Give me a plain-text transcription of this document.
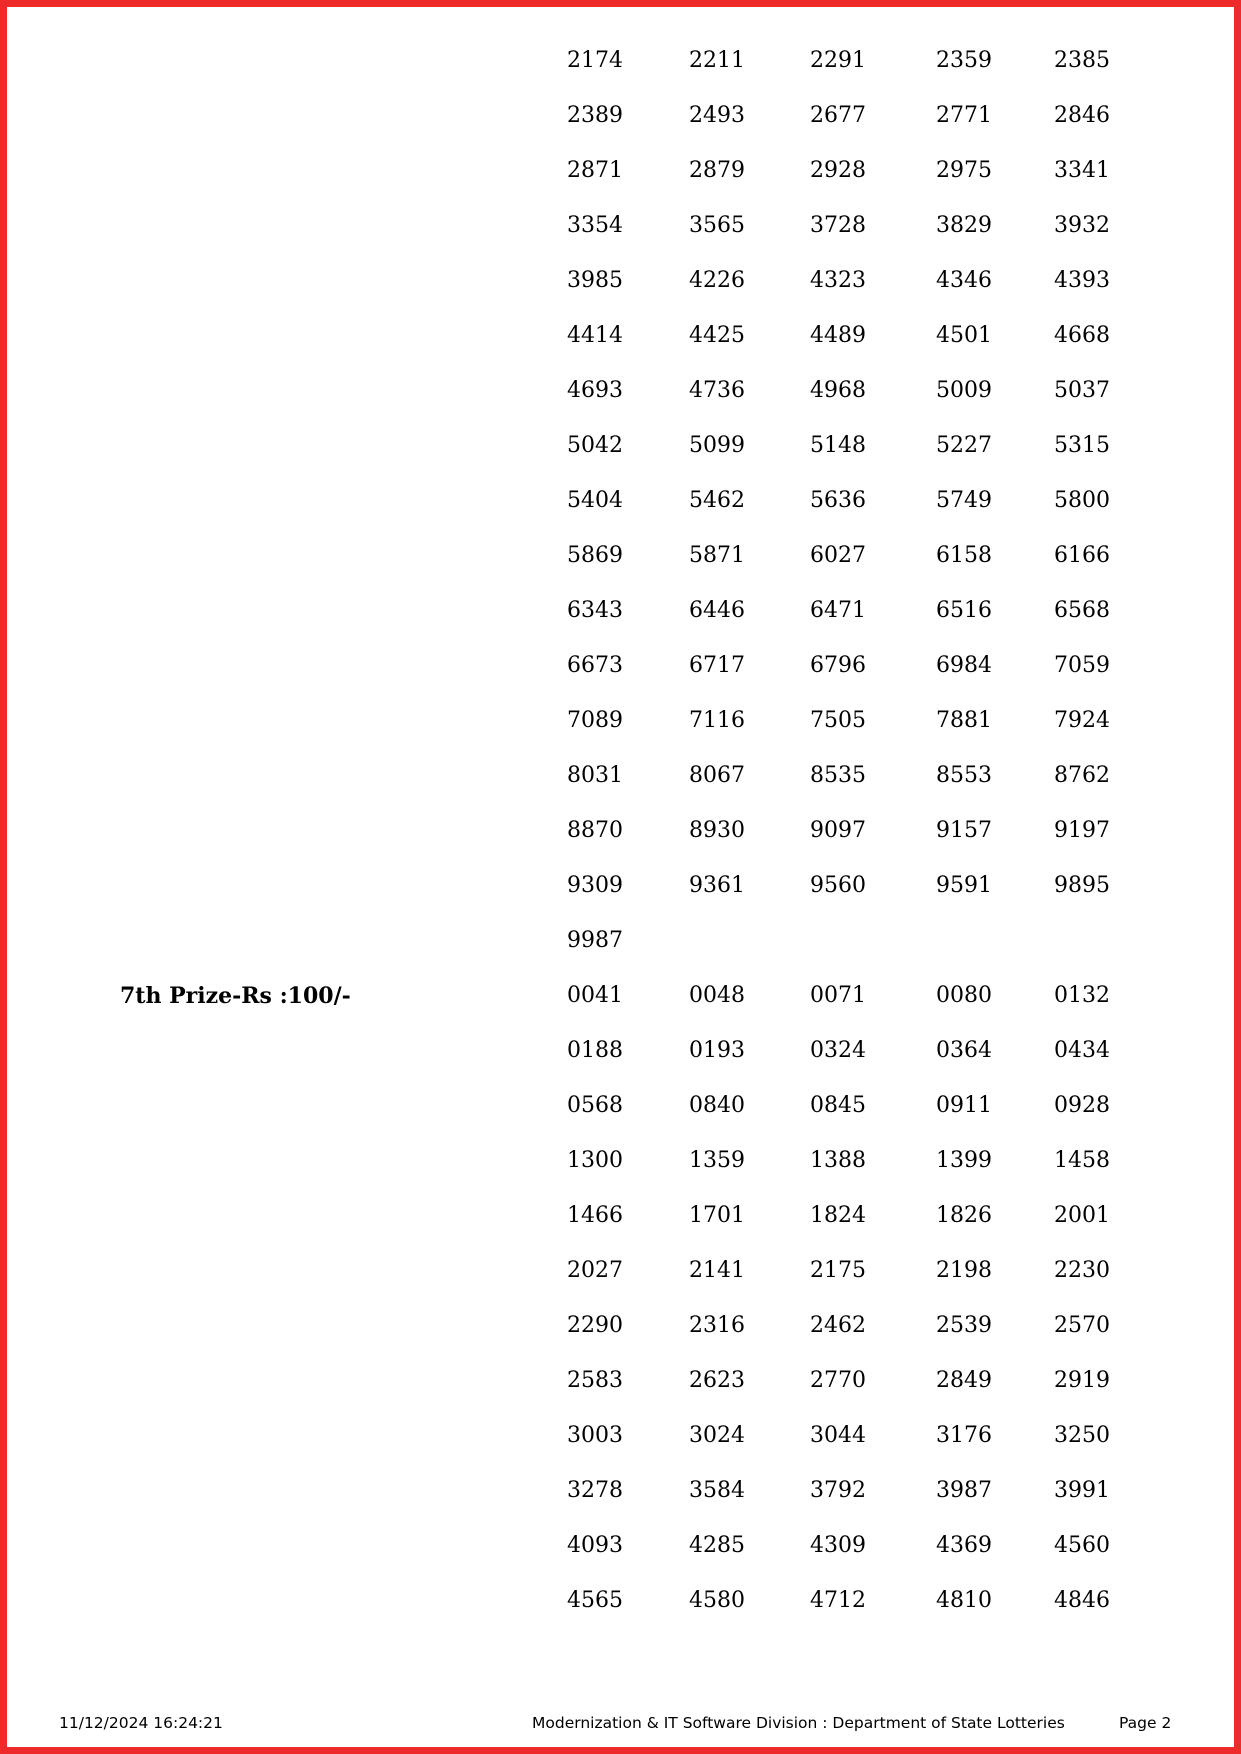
2174	2211	2291	2359	2385
2389	2493	2677	2771	2846
2871	2879	2928	2975	3341
3354	3565	3728	3829	3932
3985	4226	4323	4346	4393
4414	4425	4489	4501	4668
4693	4736	4968	5009	5037
5042	5099	5148	5227	5315
5404	5462	5636	5749	5800
5869	5871	6027	6158	6166
6343	6446	6471	6516	6568
6673	6717	6796	6984	7059
7089	7116	7505	7881	7924
8031	8067	8535	8553	8762
8870	8930	9097	9157	9197
9309	9361	9560	9591	9895
9987
0041	0048	0071	0080	0132
0188	0193	0324	0364	0434
0568	0840	0845	0911	0928
1300	1359	1388	1399	1458
1466	1701	1824	1826	2001
2027	2141	2175	2198	2230
2290	2316	2462	2539	2570
2583	2623	2770	2849	2919
3003	3024	3044	3176	3250
3278	3584	3792	3987	3991
4093	4285	4309	4369	4560
4565	4580	4712	4810	4846
7th Prize-Rs :100/-
11/12/2024 16:24:21	Modernization & IT Software Division : Department of State Lotteries	Page 2
